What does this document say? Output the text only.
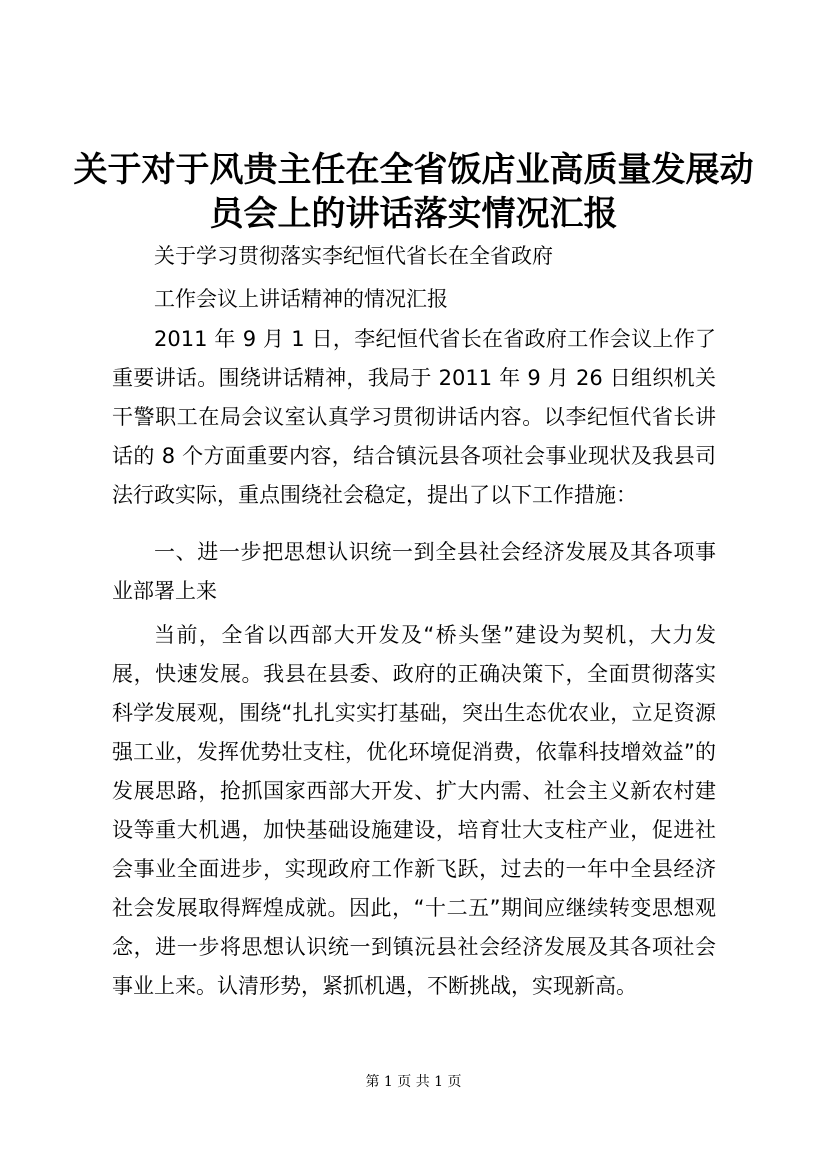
关于对于风贵主任在全省饭店业高质量发展动
员会上的讲话落实情况汇报

关于学习贯彻落实李纪恒代省长在全省政府

工作会议上讲话精神的情况汇报

2011 年 9 月 1 日，李纪恒代省长在省政府工作会议上作了重要讲话。围绕讲话精神，我局于 2011 年 9 月 26 日组织机关干警职工在局会议室认真学习贯彻讲话内容。以李纪恒代省长讲话的 8 个方面重要内容，结合镇沅县各项社会事业现状及我县司法行政实际，重点围绕社会稳定，提出了以下工作措施：

一、进一步把思想认识统一到全县社会经济发展及其各项事业部署上来

当前，全省以西部大开发及“桥头堡”建设为契机，大力发展，快速发展。我县在县委、政府的正确决策下，全面贯彻落实科学发展观，围绕“扎扎实实打基础，突出生态优农业，立足资源强工业，发挥优势壮支柱，优化环境促消费，依靠科技增效益”的发展思路，抢抓国家西部大开发、扩大内需、社会主义新农村建设等重大机遇，加快基础设施建设，培育壮大支柱产业，促进社会事业全面进步，实现政府工作新飞跃，过去的一年中全县经济社会发展取得辉煌成就。因此，“十二五”期间应继续转变思想观念，进一步将思想认识统一到镇沅县社会经济发展及其各项社会事业上来。认清形势，紧抓机遇，不断挑战，实现新高。

第 1 页 共 1 页
